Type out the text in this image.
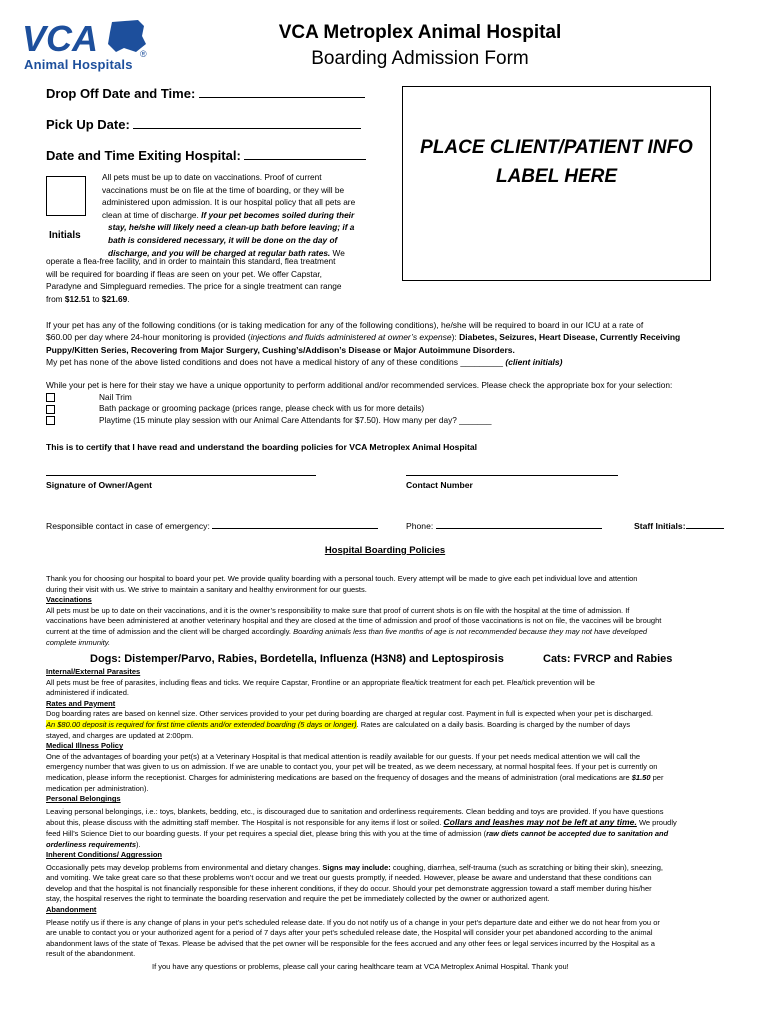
VCA	®
Animal Hospitals
VCA Metroplex Animal Hospital
Boarding Admission Form
Drop Off Date and Time:
Pick Up Date:
Date and Time Exiting Hospital:	PLACE CLIENT/PATIENT INFO
LABEL HERE
Initials
All pets must be up to date on vaccinations. Proof of current
vaccinations must be on file at the time of boarding, or they will be
administered upon admission. It is our hospital policy that all pets are
clean at time of discharge. If your pet becomes soiled during their
stay, he/she will likely need a clean-up bath before leaving; if a
bath is considered necessary, it will be done on the day of
discharge, and you will be charged at regular bath rates. We
operate a flea-free facility, and in order to maintain this standard, flea treatment
will be required for boarding if fleas are seen on your pet. We offer Capstar,
Paradyne and Simpleguard remedies. The price for a single treatment can range
from $12.51 to $21.69.
If your pet has any of the following conditions (or is taking medication for any of the following conditions), he/she will be required to board in our ICU at a rate of
$60.00 per day where 24-hour monitoring is provided (injections and fluids administered at owner’s expense): Diabetes, Seizures, Heart Disease, Currently Receiving
Puppy/Kitten Series, Recovering from Major Surgery, Cushing’s/Addison’s Disease or Major Autoimmune Disorders.
My pet has none of the above listed conditions and does not have a medical history of any of these conditions _________ (client initials)
While your pet is here for their stay we have a unique opportunity to perform additional and/or recommended services. Please check the appropriate box for your selection:
Nail Trim
Bath package or grooming package (prices range, please check with us for more details)
Playtime (15 minute play session with our Animal Care Attendants for $7.50). How many per day? _______
This is to certify that I have read and understand the boarding policies for VCA Metroplex Animal Hospital
Signature of Owner/Agent	Contact Number
Responsible contact in case of emergency:	Phone:	Staff Initials:
Hospital Boarding Policies
Thank you for choosing our hospital to board your pet. We provide quality boarding with a personal touch. Every attempt will be made to give each pet individual love and attention
during their visit with us. We strive to maintain a sanitary and healthy environment for our guests.
Vaccinations
All pets must be up to date on their vaccinations, and it is the owner’s responsibility to make sure that proof of current shots is on file with the hospital at the time of admission. If
vaccinations have been administered at another veterinary hospital and they are closed at the time of admission and proof of those vaccinations is not on file, the vaccines will be brought
current at the time of admission and the client will be charged accordingly. Boarding animals less than five months of age is not recommended because they may not have developed
complete immunity.
Dogs: Distemper/Parvo, Rabies, Bordetella, Influenza (H3N8) and Leptospirosis	Cats: FVRCP and Rabies
Internal/External Parasites
All pets must be free of parasites, including fleas and ticks. We require Capstar, Frontline or an appropriate flea/tick treatment for each pet. Flea/tick prevention will be
administered if indicated.
Rates and Payment
Dog boarding rates are based on kennel size. Other services provided to your pet during boarding are charged at regular cost. Payment in full is expected when your pet is discharged.
An $80.00 deposit is required for first time clients and/or extended boarding (5 days or longer). Rates are calculated on a daily basis. Boarding is charged by the number of days
stayed, and charges are updated at 2:00pm.
Medical Illness Policy
One of the advantages of boarding your pet(s) at a Veterinary Hospital is that medical attention is readily available for our guests. If your pet needs medical attention we will call the
emergency number that was given to us on admission. If we are unable to contact you, your pet will be treated, as we deem necessary, at normal hospital fees. If your pet is currently on
medication, please inform the receptionist. Charges for administering medications are based on the frequency of dosages and the means of administration (oral medications are $1.50 per
medication per administration).
Personal Belongings
Leaving personal belongings, i.e.: toys, blankets, bedding, etc., is discouraged due to sanitation and orderliness requirements. Clean bedding and toys are provided. If you have questions
about this, please discuss with the admitting staff member. The Hospital is not responsible for any items if lost or soiled. Collars and leashes may not be left at any time. We proudly
feed Hill’s Science Diet to our boarding guests. If your pet requires a special diet, please bring this with you at the time of admission (raw diets cannot be accepted due to sanitation and
orderliness requirements).
Inherent Conditions/ Aggression
Occasionally pets may develop problems from environmental and dietary changes. Signs may include: coughing, diarrhea, self-trauma (such as scratching or biting their skin), sneezing,
and vomiting. We take great care so that these problems won’t occur and we treat our guests promptly, if needed. However, please be aware and understand that these conditions can
develop and that the hospital is not financially responsible for these inherent conditions, if they do occur. Should your pet demonstrate aggression toward a staff member during his/her
stay, the hospital reserves the right to terminate the boarding reservation and require the pet be immediately collected by the owner or authorized agent.
Abandonment
Please notify us if there is any change of plans in your pet’s scheduled release date. If you do not notify us of a change in your pet’s departure date and either we do not hear from you or
are unable to contact you or your authorized agent for a period of 7 days after your pet’s scheduled release date, the Hospital will consider your pet abandoned according to the animal
abandonment laws of the state of Texas. Please be advised that the pet owner will be responsible for the fees accrued and any other fees or legal services incurred by the Hospital as a
result of the abandonment.
If you have any questions or problems, please call your caring healthcare team at VCA Metroplex Animal Hospital. Thank you!
